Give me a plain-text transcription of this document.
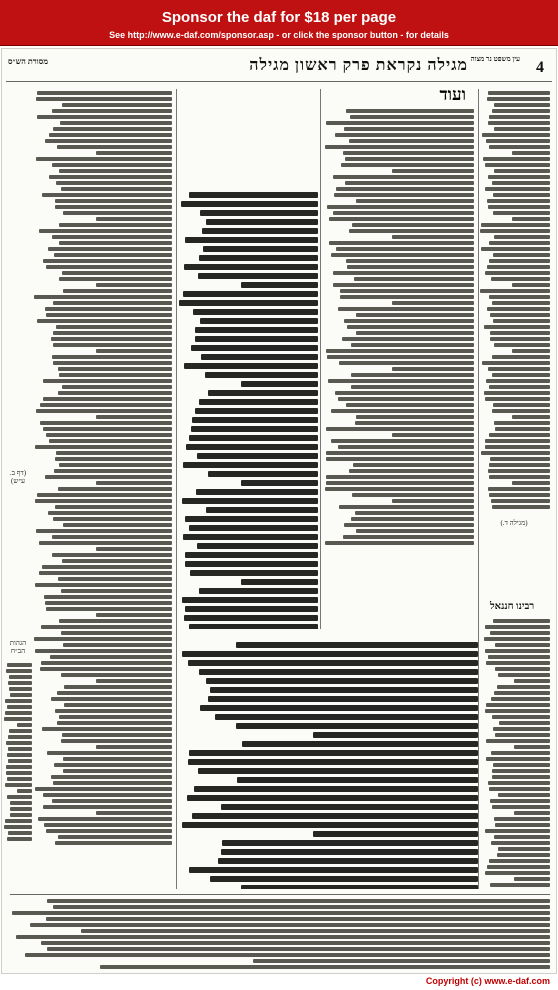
Sponsor the daf for $18 per page
See http://www.e-daf.com/sponsor.asp - or click the sponsor button - for details
4
מגילה נקראת פרק ראשון מגילה עין משפט נר מצוה
מסורת הש״ס
ועוד
(מגילה ד.)
(דף ב. ע״ש)
רבינו חננאל
הגהות הב״ח
Copyright (c) www.e-daf.com
